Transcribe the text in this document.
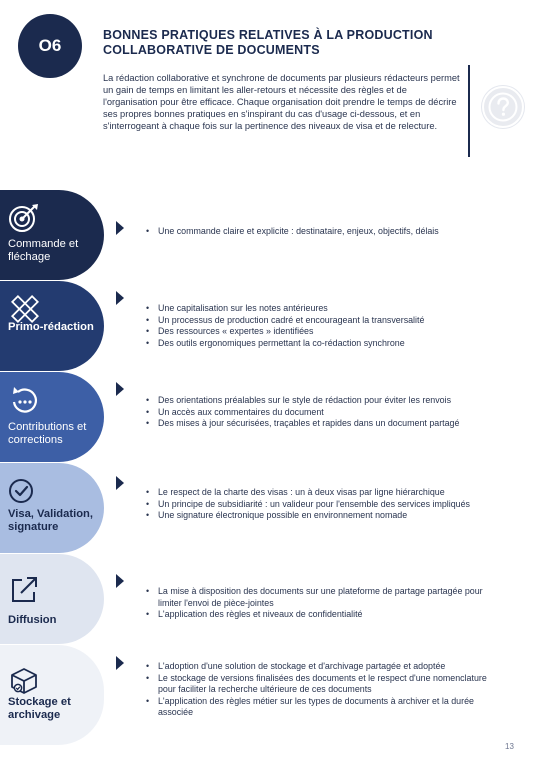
O6
BONNES PRATIQUES RELATIVES À LA PRODUCTION COLLABORATIVE DE DOCUMENTS
La rédaction collaborative et synchrone de documents par plusieurs rédacteurs permet un gain de temps en limitant les aller-retours et nécessite des règles et de l'organisation pour être efficace. Chaque organisation doit prendre le temps de décrire ses propres bonnes pratiques en s'inspirant du cas d'usage ci-dessous, et en s'interrogeant à chaque fois sur la pertinence des niveaux de visa et de relecture.
Commande et fléchage
• Une commande claire et explicite : destinataire, enjeux, objectifs, délais
Primo-rédaction
• Une capitalisation sur les notes antérieures
• Un processus de production cadré et encourageant la transversalité
• Des ressources « expertes » identifiées
• Des outils ergonomiques permettant la co-rédaction synchrone
Contributions et corrections
• Des orientations préalables sur le style de rédaction pour éviter les renvois
• Un accès aux commentaires du document
• Des mises à jour sécurisées, traçables et rapides dans un document partagé
Visa, Validation, signature
• Le respect de la charte des visas : un à deux visas par ligne hiérarchique
• Un principe de subsidiarité : un valideur pour l'ensemble des services impliqués
• Une signature électronique possible en environnement nomade
Diffusion
• La mise à disposition des documents sur une plateforme de partage partagée pour limiter l'envoi de pièce-jointes
• L'application des règles et niveaux de confidentialité
Stockage et archivage
• L'adoption d'une solution de stockage et d'archivage partagée et adoptée
• Le stockage de versions finalisées des documents et le respect d'une nomenclature pour faciliter la recherche ultérieure de ces documents
• L'application des règles métier sur les types de documents à archiver et la durée associée
13
